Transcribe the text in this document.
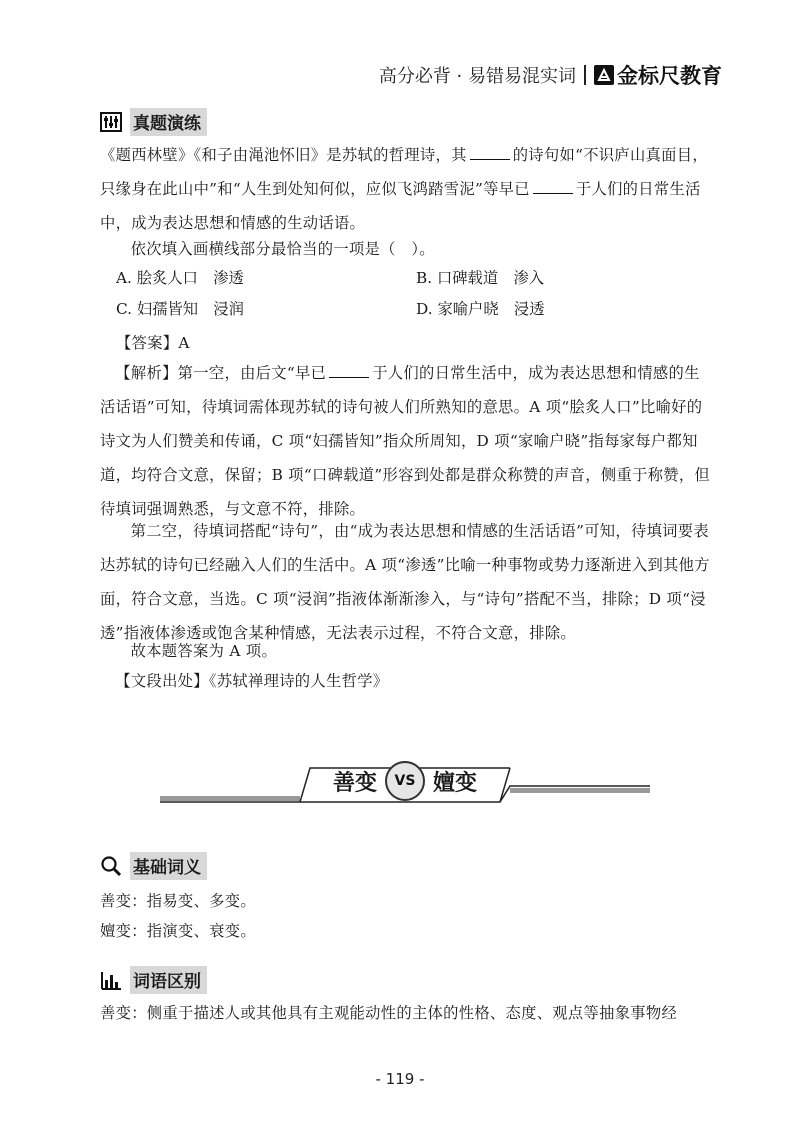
高分必背 · 易错易混实词 金标尺教育
真题演练
《题西林壁》《和子由渑池怀旧》是苏轼的哲理诗，其	的诗句如“不识庐山真面目，只缘身在此山中”和“人生到处知何似，应似飞鸿踏雪泥”等早已	于人们的日常生活中，成为表达思想和情感的生动话语。
依次填入画横线部分最恰当的一项是（　）。
A. 脍炙人口　渗透	B. 口碑载道　渗入
C. 妇孺皆知　浸润	D. 家喻户晓　浸透
【答案】A
【解析】第一空，由后文“早已	于人们的日常生活中，成为表达思想和情感的生活话语”可知，待填词需体现苏轼的诗句被人们所熟知的意思。A 项“脍炙人口”比喻好的诗文为人们赞美和传诵，C 项“妇孺皆知”指众所周知，D 项“家喻户晓”指每家每户都知道，均符合文意，保留；B 项“口碑载道”形容到处都是群众称赞的声音，侧重于称赞，但待填词强调熟悉，与文意不符，排除。
第二空，待填词搭配“诗句”，由“成为表达思想和情感的生活话语”可知，待填词要表达苏轼的诗句已经融入人们的生活中。A 项“渗透”比喻一种事物或势力逐渐进入到其他方面，符合文意，当选。C 项“浸润”指液体渐渐渗入，与“诗句”搭配不当，排除；D 项“浸透”指液体渗透或饱含某种情感，无法表示过程，不符合文意，排除。
故本题答案为 A 项。
【文段出处】《苏轼禅理诗的人生哲学》
善变	VS 嬗变
基础词义
善变：指易变、多变。
嬗变：指演变、衰变。
词语区别
善变：侧重于描述人或其他具有主观能动性的主体的性格、态度、观点等抽象事物经
- 119 -
